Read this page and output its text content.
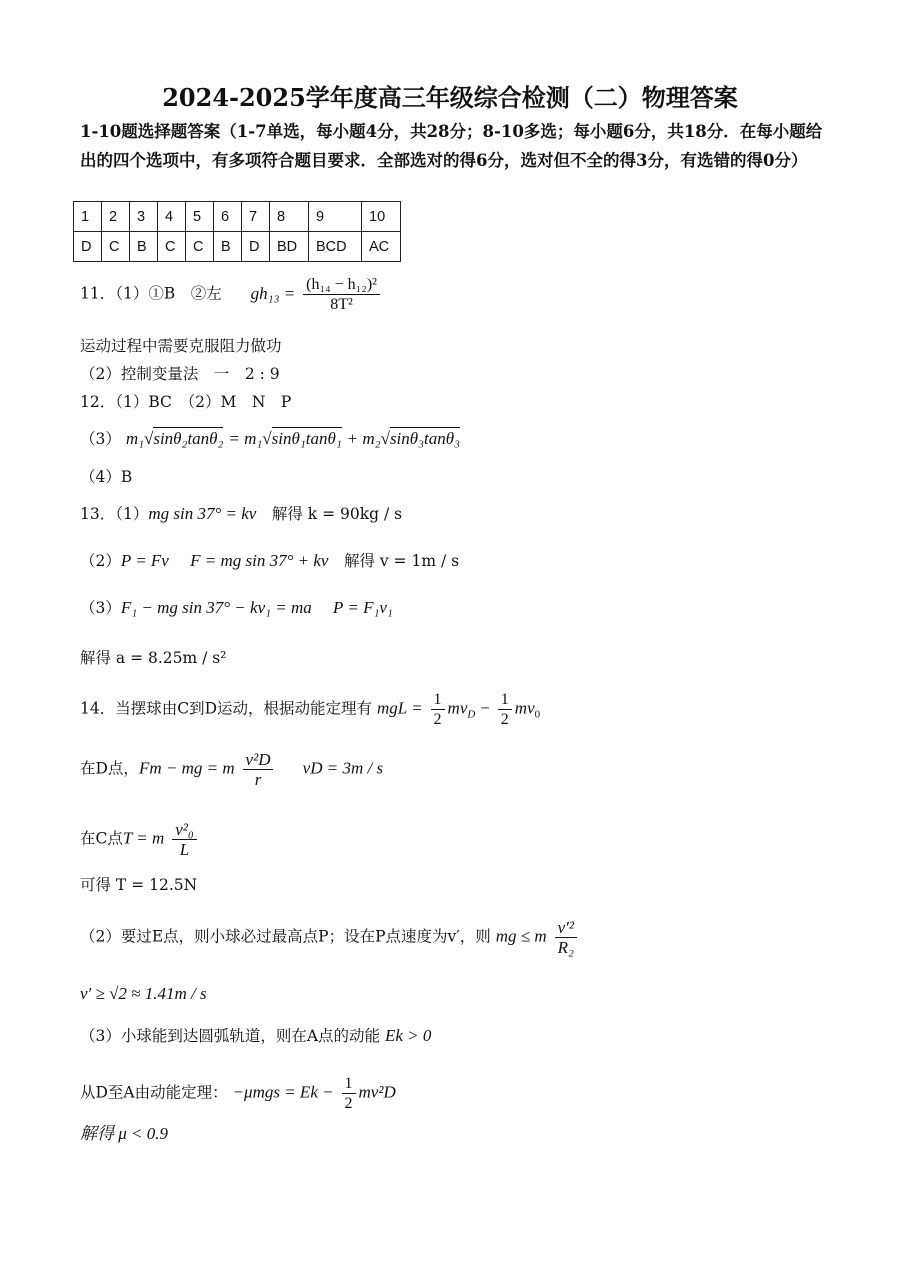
2024-2025学年度高三年级综合检测（二）物理答案
1-10题选择题答案（1-7单选，每小题4分，共28分；8-10多选；每小题6分，共18分．在每小题给出的四个选项中，有多项符合题目要求．全部选对的得6分，选对但不全的得3分，有选错的得0分）
1	2	3	4	5	6	7	8	9	10
D	C	B	C	C	B	D	BD	BCD	AC
11．（1）①B　②左 $gh_{13} = \frac{\text{(h₁₄ − h₁₂)²}}{\text{8T²}}$
运动过程中需要克服阻力做功
（2）控制变量法　一　2 : 9
12．（1）BC　（2）M　N　P
（3） m₁√sinθ₂tanθ₂ = m₁√sinθ₁tanθ₁ + m₂√sinθ₃tanθ₃
（4）B
13．（1）mg sin 37° = kv　解得 k = 90kg / s
（2）P = Fv　 F = mg sin 37° + kv　解得 v = 1m / s
（3）F₁ − mg sin 37° − kv₁ = ma　 P = F₁v₁
解得 a = 8.25m / s²
14．当摆球由C到D运动，根据动能定理有 mgL = $\frac{1}{2} mv_D - \frac{1}{2} mv_0$
在D点，Fm − mg = m $\frac{\text{v²D}}{r}$ 　 vD = 3m / s
在C点T = m $\frac{\text{v²₀}}{L}$
可得 T = 12.5N
（2）要过E点，则小球必过最高点P；设在P点速度为v′，则 mg ≤ m $\frac{\text{v′²}}{\text{R₂}}$
v′ ≥ √2 ≈ 1.41m / s
（3）小球能到达圆弧轨道，则在A点的动能 Ek > 0
从D至A由动能定理： $-\mu mgs = Ek - \frac{1}{2} mv^2D$
解得 μ < 0.9
